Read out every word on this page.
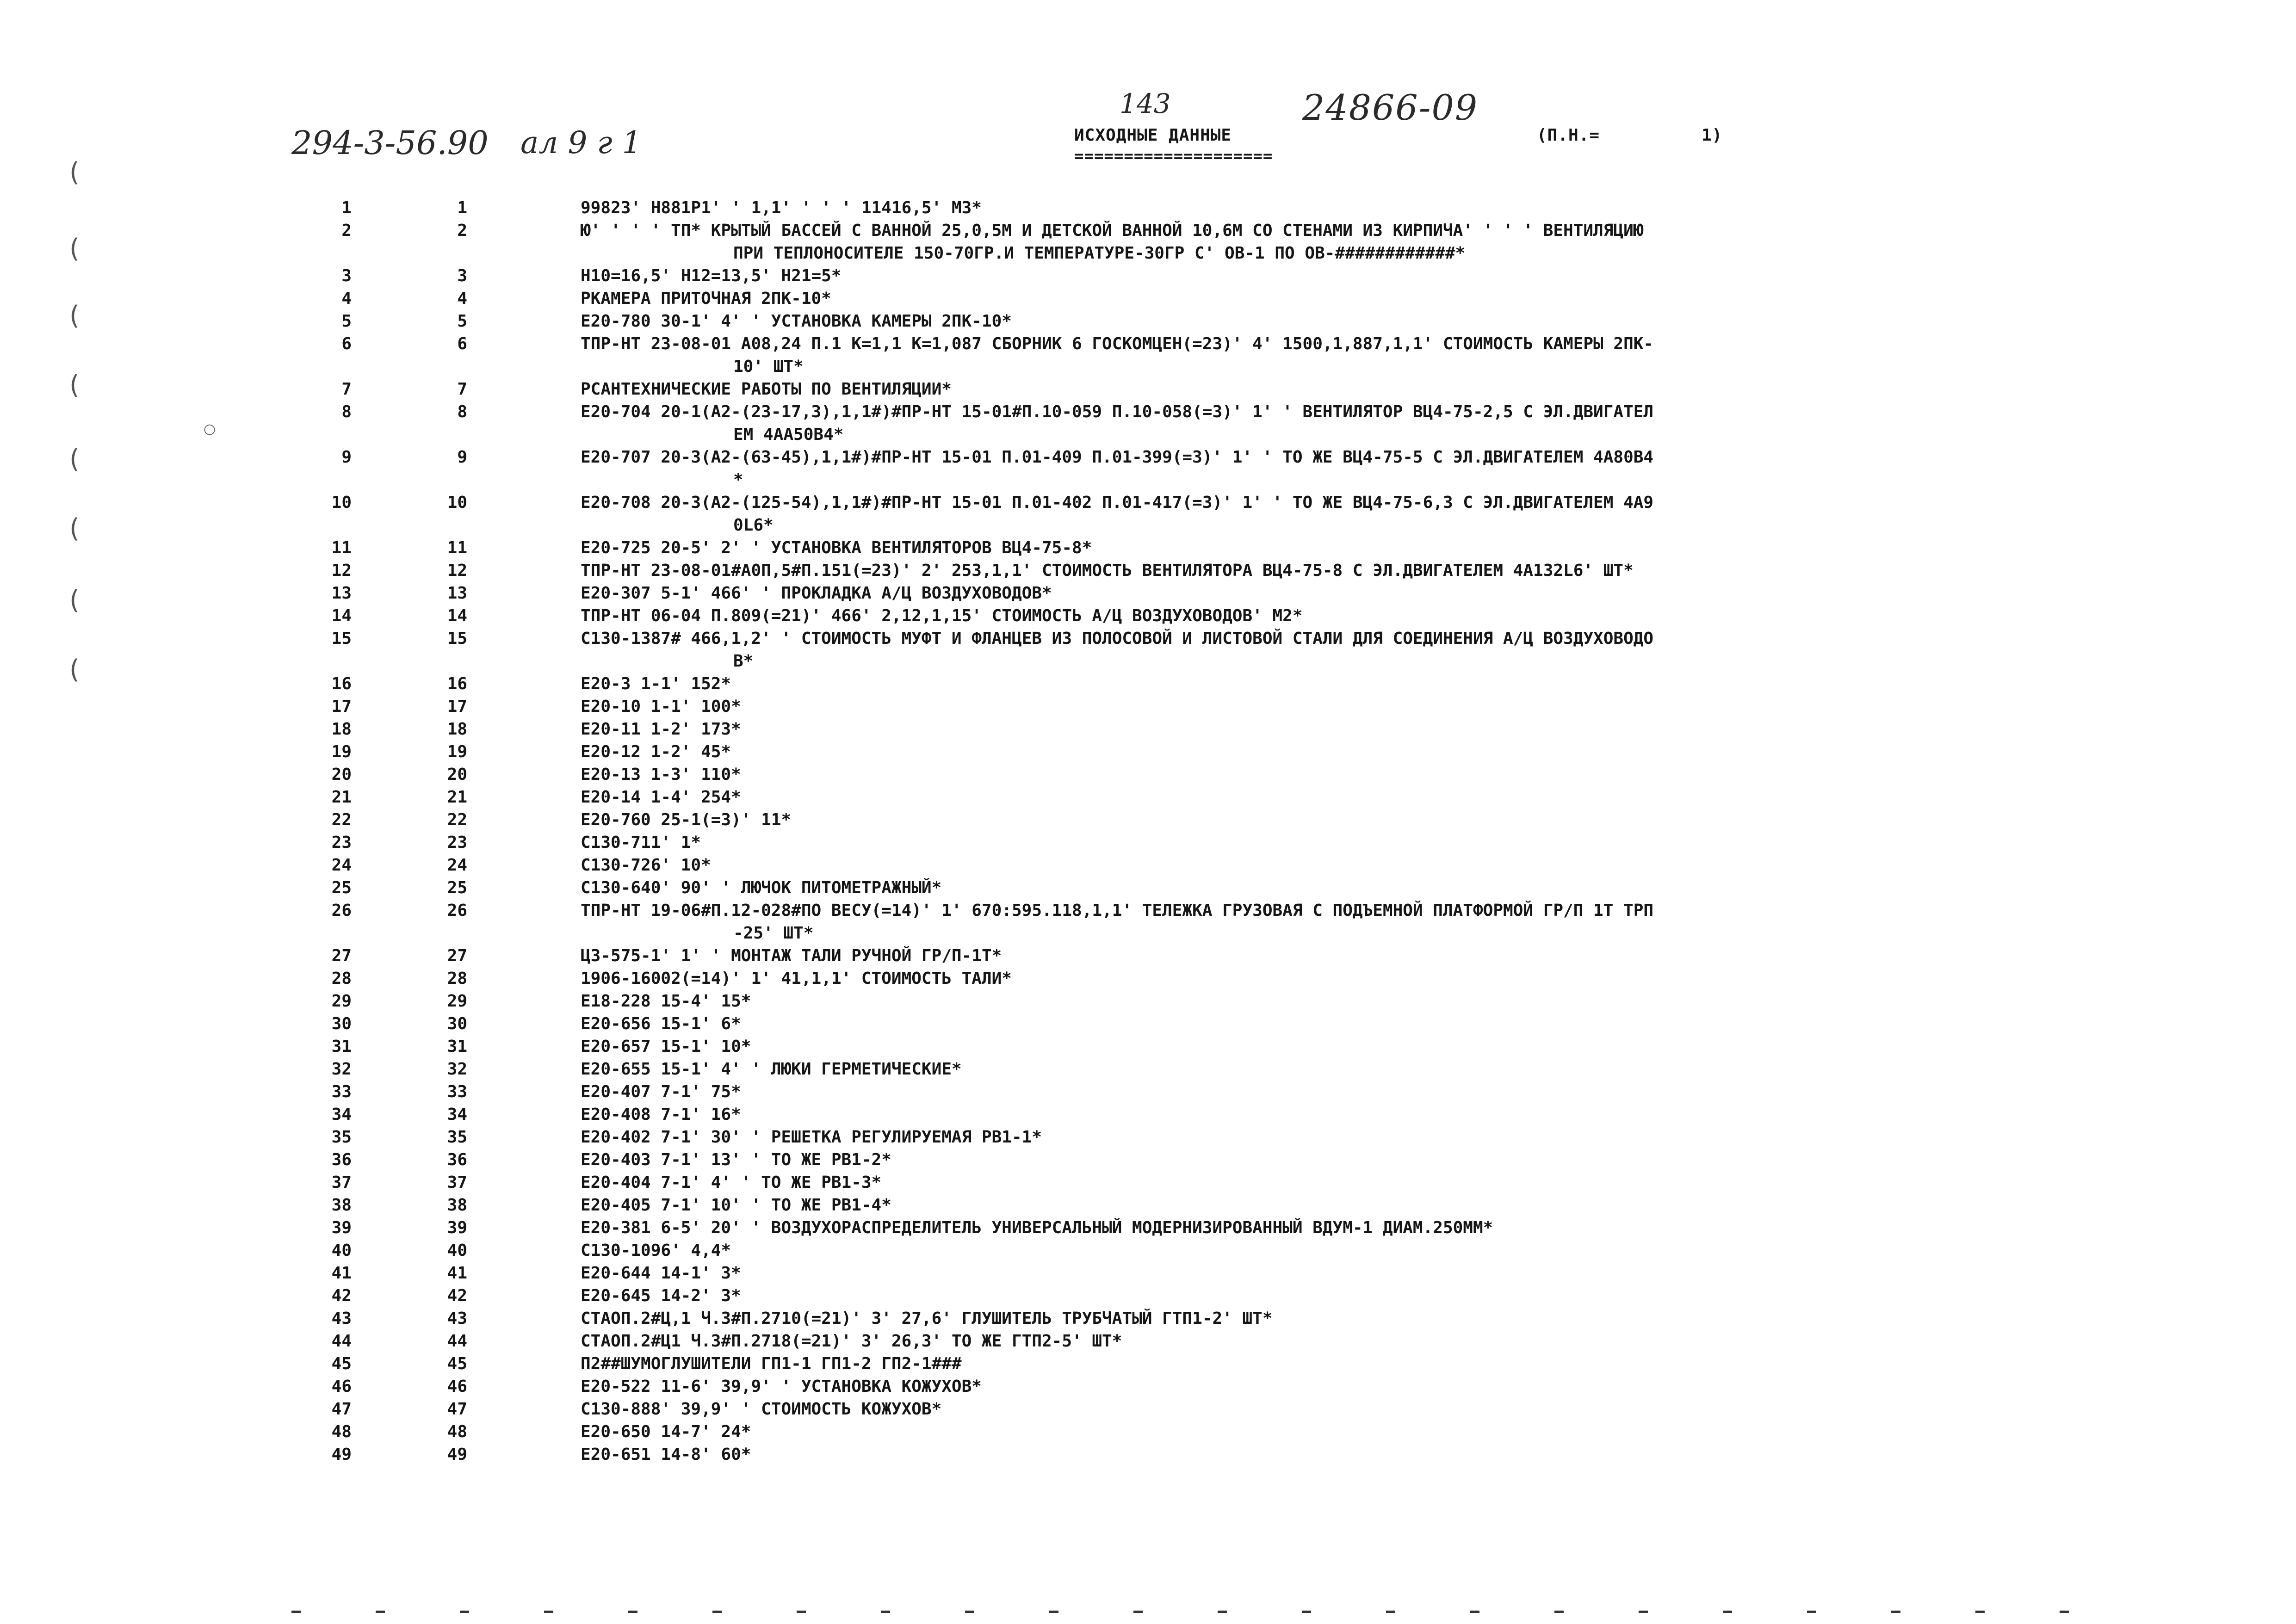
143	24866-09
294-3-56.90 ал 9 г 1	ИСХОДНЫЕ ДАННЫЕ
====================
(П.Н.=	1)
1	1	99823' Н881Р1' ' 1,1' ' ' ' 11416,5' М3*
2	2	Ю' ' ' ' ТП* КРЫТЫЙ БАССЕЙ С ВАННОЙ 25,0,5М И ДЕТСКОЙ ВАННОЙ 10,6М СО СТЕНАМИ ИЗ КИРПИЧА' ' ' ' ВЕНТИЛЯЦИЮ
ПРИ ТЕПЛОНОСИТЕЛЕ 150-70ГР.И ТЕМПЕРАТУРЕ-30ГР С' ОВ-1 ПО ОВ-############*
3	3	Н10=16,5' Н12=13,5' Н21=5*
4	4	РКАМЕРА ПРИТОЧНАЯ 2ПК-10*
5	5	Е20-780 30-1' 4' ' УСТАНОВКА КАМЕРЫ 2ПК-10*
6	6	ТПР-НТ 23-08-01 А08,24 П.1 К=1,1 К=1,087 СБОРНИК 6 ГОСКОМЦЕН(=23)' 4' 1500,1,887,1,1' СТОИМОСТЬ КАМЕРЫ 2ПК-
10' ШТ*
7	7	РСАНТЕХНИЧЕСКИЕ РАБОТЫ ПО ВЕНТИЛЯЦИИ*
8	8	Е20-704 20-1(А2-(23-17,3),1,1#)#ПР-НТ 15-01#П.10-059 П.10-058(=3)' 1' ' ВЕНТИЛЯТОР ВЦ4-75-2,5 С ЭЛ.ДВИГАТЕЛ
ЕМ 4АА50В4*
9	9	Е20-707 20-3(А2-(63-45),1,1#)#ПР-НТ 15-01 П.01-409 П.01-399(=3)' 1' ' ТО ЖЕ ВЦ4-75-5 С ЭЛ.ДВИГАТЕЛЕМ 4А80В4
*
10	10	Е20-708 20-3(А2-(125-54),1,1#)#ПР-НТ 15-01 П.01-402 П.01-417(=3)' 1' ' ТО ЖЕ ВЦ4-75-6,3 С ЭЛ.ДВИГАТЕЛЕМ 4А9
0L6*
11	11	Е20-725 20-5' 2' ' УСТАНОВКА ВЕНТИЛЯТОРОВ ВЦ4-75-8*
12	12	ТПР-НТ 23-08-01#А0П,5#П.151(=23)' 2' 253,1,1' СТОИМОСТЬ ВЕНТИЛЯТОРА ВЦ4-75-8 С ЭЛ.ДВИГАТЕЛЕМ 4А132L6' ШТ*
13	13	Е20-307 5-1' 466' ' ПРОКЛАДКА А/Ц ВОЗДУХОВОДОВ*
14	14	ТПР-НТ 06-04 П.809(=21)' 466' 2,12,1,15' СТОИМОСТЬ А/Ц ВОЗДУХОВОДОВ' М2*
15	15	С130-1387# 466,1,2' ' СТОИМОСТЬ МУФТ И ФЛАНЦЕВ ИЗ ПОЛОСОВОЙ И ЛИСТОВОЙ СТАЛИ ДЛЯ СОЕДИНЕНИЯ А/Ц ВОЗДУХОВОДО
В*
16	16	Е20-3 1-1' 152*
17	17	Е20-10 1-1' 100*
18	18	Е20-11 1-2' 173*
19	19	Е20-12 1-2' 45*
20	20	Е20-13 1-3' 110*
21	21	Е20-14 1-4' 254*
22	22	Е20-760 25-1(=3)' 11*
23	23	С130-711' 1*
24	24	С130-726' 10*
25	25	С130-640' 90' ' ЛЮЧОК ПИТОМЕТРАЖНЫЙ*
26	26	ТПР-НТ 19-06#П.12-028#ПО ВЕСУ(=14)' 1' 670:595.118,1,1' ТЕЛЕЖКА ГРУЗОВАЯ С ПОДЪЕМНОЙ ПЛАТФОРМОЙ ГР/П 1Т ТРП
-25' ШТ*
27	27	Ц3-575-1' 1' ' МОНТАЖ ТАЛИ РУЧНОЙ ГР/П-1Т*
28	28	1906-16002(=14)' 1' 41,1,1' СТОИМОСТЬ ТАЛИ*
29	29	Е18-228 15-4' 15*
30	30	Е20-656 15-1' 6*
31	31	Е20-657 15-1' 10*
32	32	Е20-655 15-1' 4' ' ЛЮКИ ГЕРМЕТИЧЕСКИЕ*
33	33	Е20-407 7-1' 75*
34	34	Е20-408 7-1' 16*
35	35	Е20-402 7-1' 30' ' РЕШЕТКА РЕГУЛИРУЕМАЯ РВ1-1*
36	36	Е20-403 7-1' 13' ' ТО ЖЕ РВ1-2*
37	37	Е20-404 7-1' 4' ' ТО ЖЕ РВ1-3*
38	38	Е20-405 7-1' 10' ' ТО ЖЕ РВ1-4*
39	39	Е20-381 6-5' 20' ' ВОЗДУХОРАСПРЕДЕЛИТЕЛЬ УНИВЕРСАЛЬНЫЙ МОДЕРНИЗИРОВАННЫЙ ВДУМ-1 ДИАМ.250ММ*
40	40	С130-1096' 4,4*
41	41	Е20-644 14-1' 3*
42	42	Е20-645 14-2' 3*
43	43	СТАОП.2#Ц,1 Ч.3#П.2710(=21)' 3' 27,6' ГЛУШИТЕЛЬ ТРУБЧАТЫЙ ГТП1-2' ШТ*
44	44	СТАОП.2#Ц1 Ч.3#П.2718(=21)' 3' 26,3' ТО ЖЕ ГТП2-5' ШТ*
45	45	П2##ШУМОГЛУШИТЕЛИ ГП1-1 ГП1-2 ГП2-1###
46	46	Е20-522 11-6' 39,9' ' УСТАНОВКА КОЖУХОВ*
47	47	С130-888' 39,9' ' СТОИМОСТЬ КОЖУХОВ*
48	48	Е20-650 14-7' 24*
49	49	Е20-651 14-8' 60*
(
(
(
(
(
(
(
(
○
